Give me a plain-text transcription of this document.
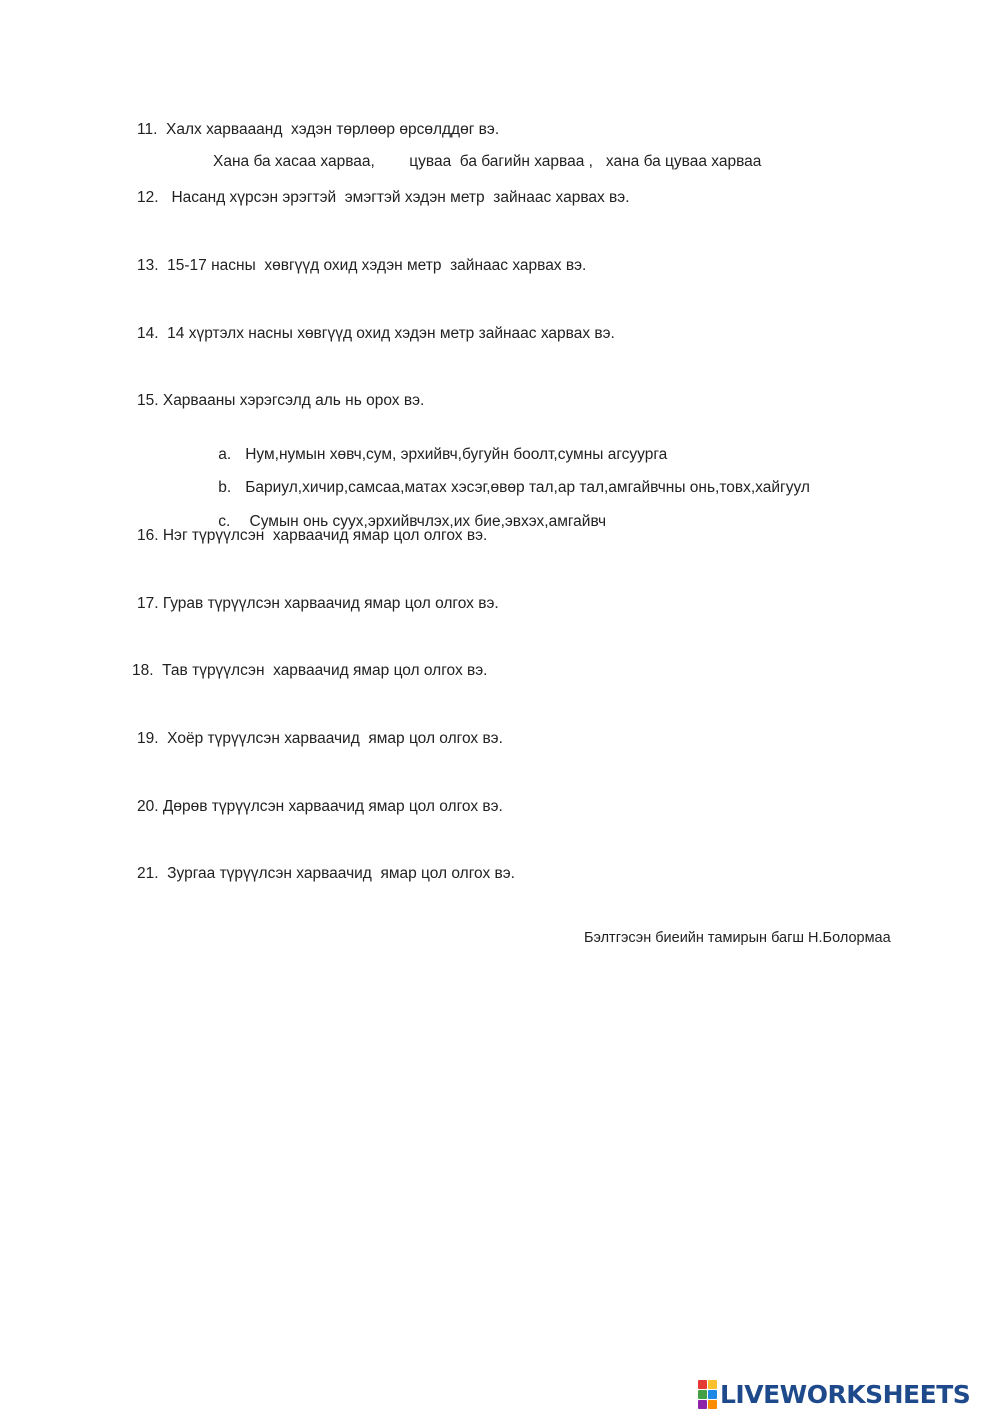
11.  Халх харвааанд  хэдэн төрлөөр өрсөлддөг вэ.
Хана ба хасаа харваа,        цуваа  ба багийн харваа ,   хана ба цуваа харваа
12.   Насанд хүрсэн эрэгтэй  эмэгтэй хэдэн метр  зайнаас харвах вэ.
13.  15-17 насны  хөвгүүд охид хэдэн метр  зайнаас харвах вэ.
14.  14 хүртэлх насны хөвгүүд охид хэдэн метр зайнаас харвах вэ.
15. Харвааны хэрэгсэлд аль нь орох вэ.

a. Нум,нумын хөвч,сум, эрхийвч,бугуйн боолт,сумны агсуурга

b. Бариул,хичир,самсаа,матах хэсэг,өвөр тал,ар тал,амгайвчны онь,товх,хайгуул

c. Сумын онь суух,эрхийвчлэх,их бие,эвхэх,амгайвч

16. Нэг түрүүлсэн  харваачид ямар цол олгох вэ.
17. Гурав түрүүлсэн харваачид ямар цол олгох вэ.
18.  Тав түрүүлсэн  харваачид ямар цол олгох вэ.
19.  Хоёр түрүүлсэн харваачид  ямар цол олгох вэ.
20. Дөрөв түрүүлсэн харваачид ямар цол олгох вэ.
21.  Зургаа түрүүлсэн харваачид  ямар цол олгох вэ.
Бэлтгэсэн биеийн тамирын багш Н.Болормаа
LIVEWORKSHEETS
